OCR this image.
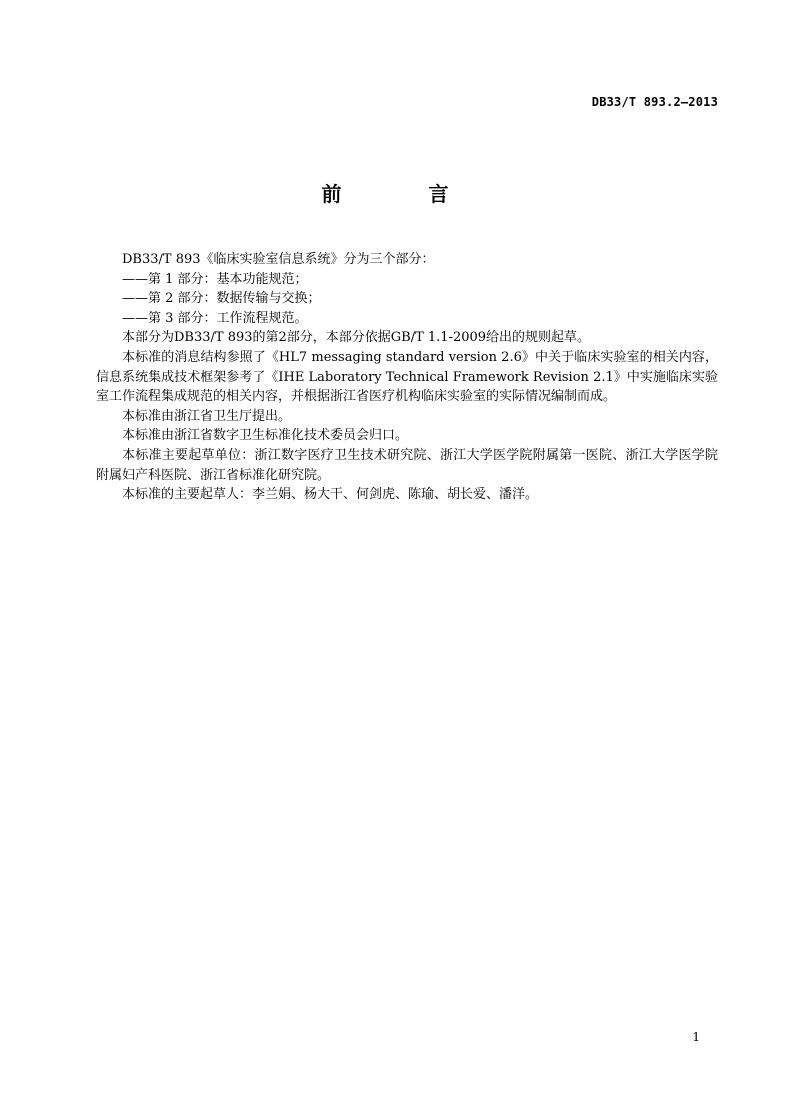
DB33/T 893.2—2013
前 言

DB33/T 893《临床实验室信息系统》分为三个部分：

——第 1 部分：基本功能规范；

——第 2 部分：数据传输与交换；

——第 3 部分：工作流程规范。

本部分为DB33/T 893的第2部分，本部分依据GB/T 1.1-2009给出的规则起草。

本标准的消息结构参照了《HL7 messaging standard version 2.6》中关于临床实验室的相关内容，信息系统集成技术框架参考了《IHE Laboratory Technical Framework Revision 2.1》中实施临床实验室工作流程集成规范的相关内容，并根据浙江省医疗机构临床实验室的实际情况编制而成。

本标准由浙江省卫生厅提出。

本标准由浙江省数字卫生标准化技术委员会归口。

本标准主要起草单位：浙江数字医疗卫生技术研究院、浙江大学医学院附属第一医院、浙江大学医学院附属妇产科医院、浙江省标准化研究院。

本标准的主要起草人：李兰娟、杨大干、何剑虎、陈瑜、胡长爱、潘洋。

1
